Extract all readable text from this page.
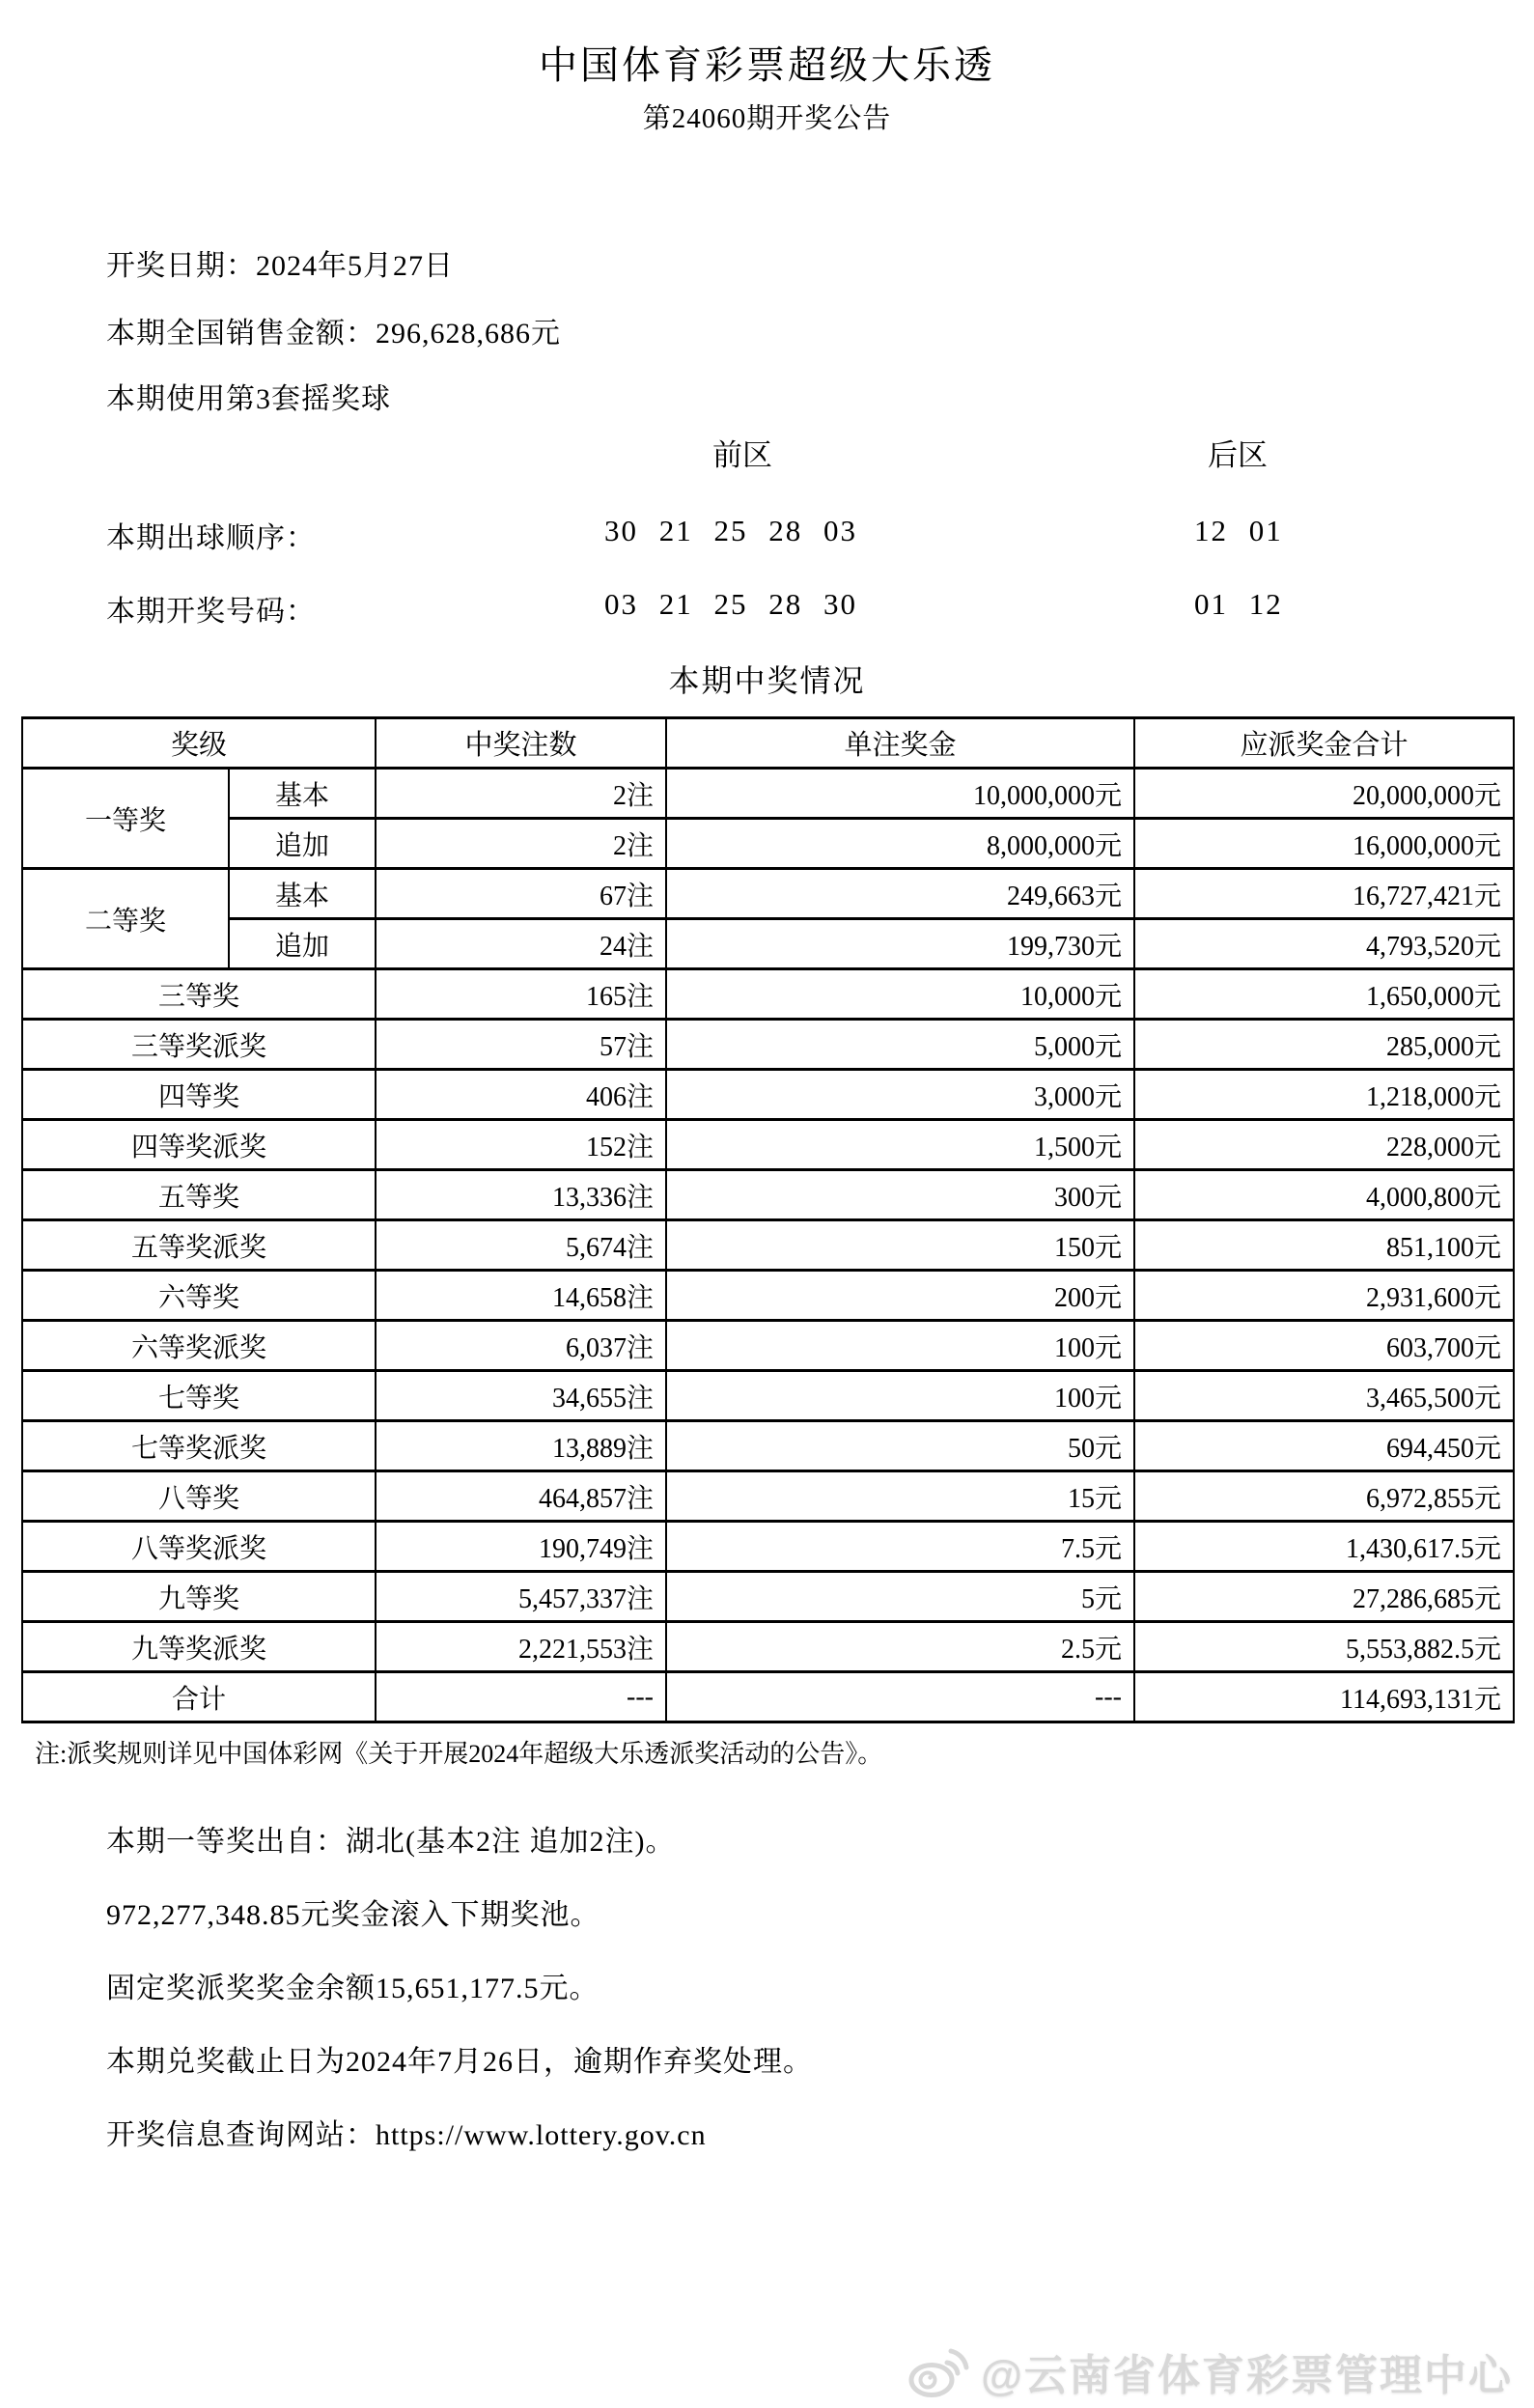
中国体育彩票超级大乐透
第24060期开奖公告
开奖日期：2024年5月27日
本期全国销售金额：296,628,686元
本期使用第3套摇奖球
前区	后区
本期出球顺序：	30 21 25 28 03	12 01
本期开奖号码：	03 21 25 28 30	01 12
本期中奖情况
奖级		中奖注数	单注奖金	应派奖金合计
一等奖	基本	2注	10,000,000元	20,000,000元
	追加	2注	8,000,000元	16,000,000元
二等奖	基本	67注	249,663元	16,727,421元
	追加	24注	199,730元	4,793,520元
三等奖		165注	10,000元	1,650,000元
三等奖派奖		57注	5,000元	285,000元
四等奖		406注	3,000元	1,218,000元
四等奖派奖		152注	1,500元	228,000元
五等奖		13,336注	300元	4,000,800元
五等奖派奖		5,674注	150元	851,100元
六等奖		14,658注	200元	2,931,600元
六等奖派奖		6,037注	100元	603,700元
七等奖		34,655注	100元	3,465,500元
七等奖派奖		13,889注	50元	694,450元
八等奖		464,857注	15元	6,972,855元
八等奖派奖		190,749注	7.5元	1,430,617.5元
九等奖		5,457,337注	5元	27,286,685元
九等奖派奖		2,221,553注	2.5元	5,553,882.5元
合计		---	---	114,693,131元
注:派奖规则详见中国体彩网《关于开展2024年超级大乐透派奖活动的公告》。
本期一等奖出自：湖北(基本2注 追加2注)。
972,277,348.85元奖金滚入下期奖池。
固定奖派奖奖金余额15,651,177.5元。
本期兑奖截止日为2024年7月26日，逾期作弃奖处理。
开奖信息查询网站：https://www.lottery.gov.cn
@云南省体育彩票管理中心
